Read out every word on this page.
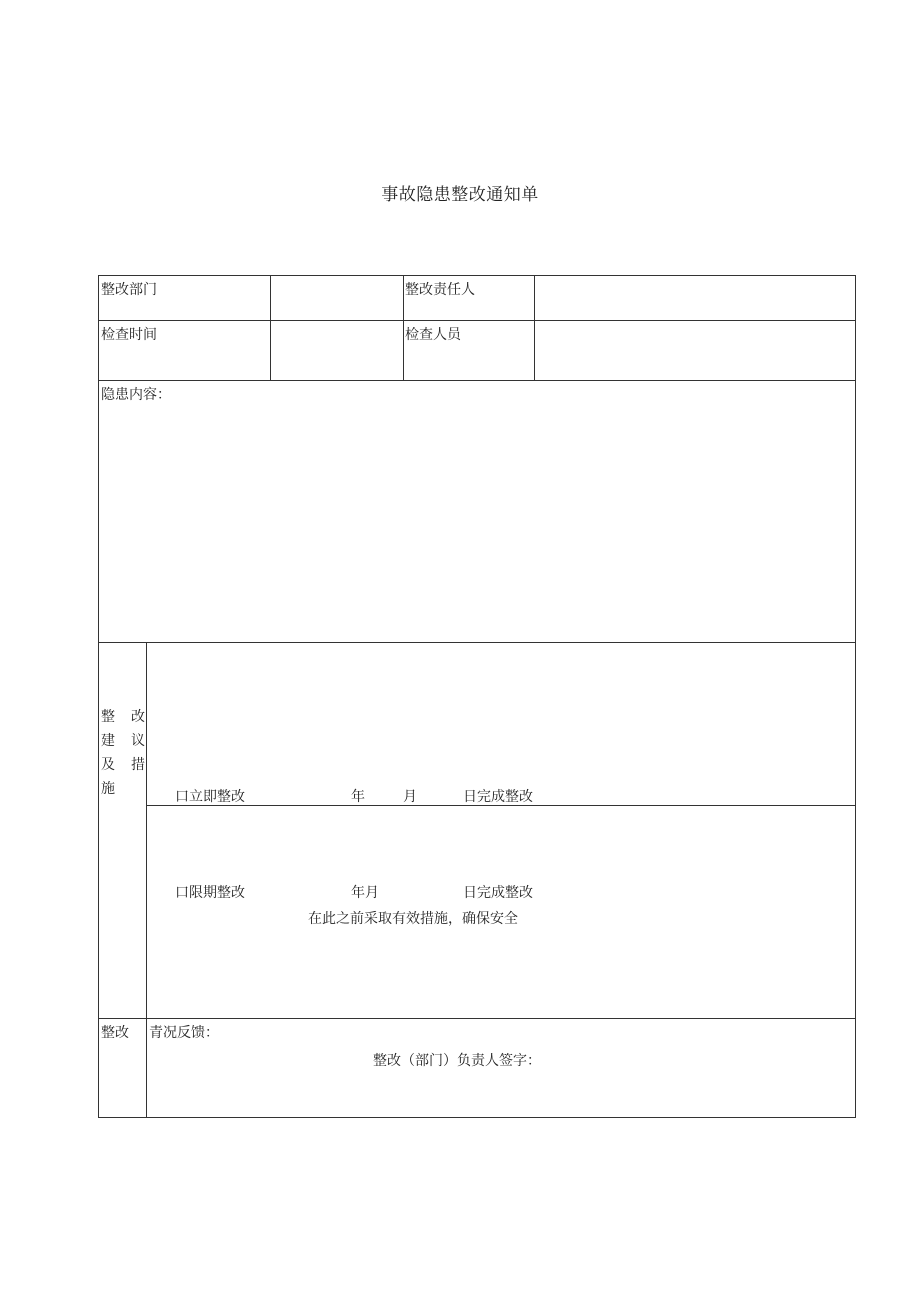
事故隐患整改通知单
整改部门	整改责任人
检查时间	检查人员
隐患内容：
整　改
建　议
及　措
施	口立即整改	年	月	日完成整改
口限期整改	年月	日完成整改
在此之前采取有效措施，确保安全
整改 青况反馈：
整改（部门）负责人签字：
